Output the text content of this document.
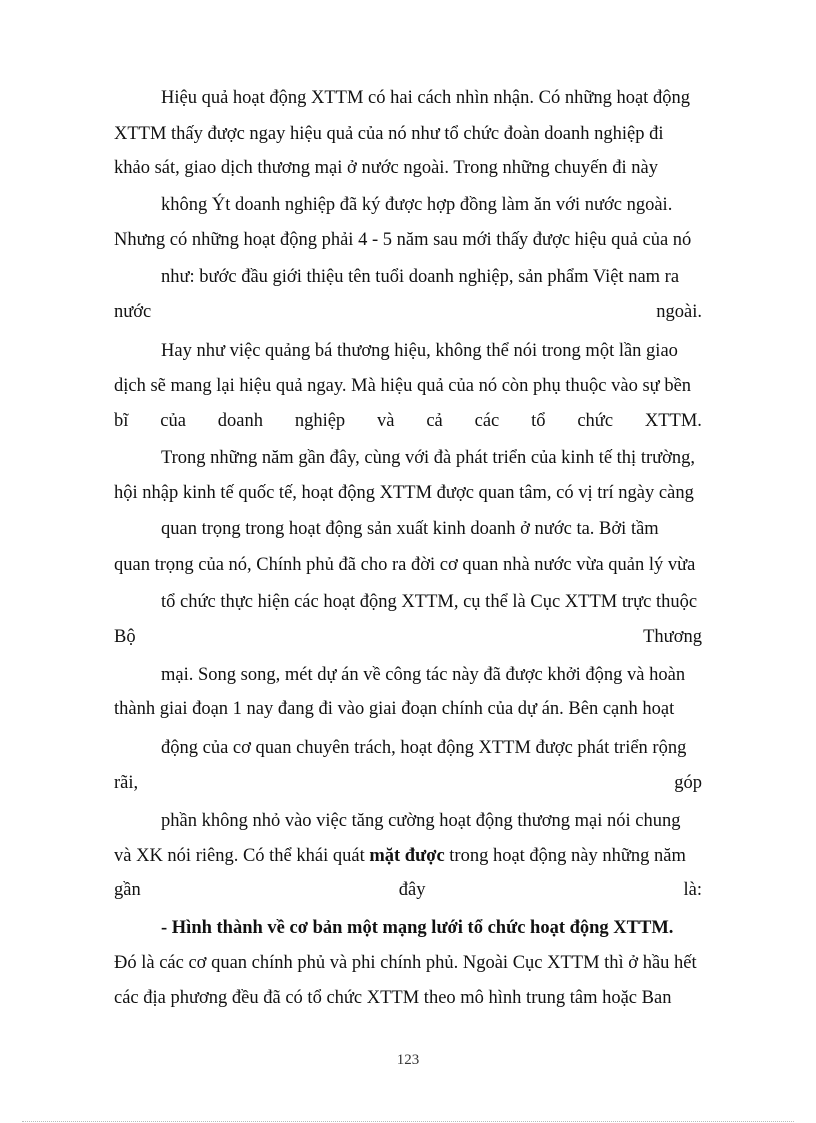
Hiệu quả hoạt động XTTM có hai cách nhìn nhận. Có những hoạt động
XTTM thấy được ngay hiệu quả của nó như tổ chức đoàn doanh nghiệp đi
khảo sát, giao dịch thương mại ở nước ngoài. Trong những chuyến đi này
không Ýt doanh nghiệp đã ký được hợp đồng làm ăn với nước ngoài.
Nhưng có những hoạt động phải 4 - 5 năm sau mới thấy được hiệu quả của nó
như: bước đầu giới thiệu tên tuổi doanh nghiệp, sản phẩm Việt nam ra
nước	ngoài.
Hay như việc quảng bá thương hiệu, không thể nói trong một lần giao
dịch sẽ mang lại hiệu quả ngay. Mà hiệu quả của nó còn phụ thuộc vào sự bền
bĩ của doanh nghiệp và cả các tổ chức XTTM.
Trong những năm gần đây, cùng với đà phát triển của kinh tế thị trường,
hội nhập kinh tế quốc tế, hoạt động XTTM được quan tâm, có vị trí ngày càng
quan trọng trong hoạt động sản xuất kinh doanh ở nước ta. Bởi tầm
quan trọng của nó, Chính phủ đã cho ra đời cơ quan nhà nước vừa quản lý vừa
tổ chức thực hiện các hoạt động XTTM, cụ thể là Cục XTTM trực thuộc
Bộ	Thương
mại. Song song, mét dự án về công tác này đã được khởi động và hoàn
thành giai đoạn 1 nay đang đi vào giai đoạn chính của dự án. Bên cạnh hoạt
động của cơ quan chuyên trách, hoạt động XTTM được phát triển rộng
rãi,	góp
phần không nhỏ vào việc tăng cường hoạt động thương mại nói chung
và XK nói riêng. Có thể khái quát mặt được trong hoạt động này những năm
gần	đây	là:
- Hình thành về cơ bản một mạng lưới tổ chức hoạt động XTTM.
Đó là các cơ quan chính phủ và phi chính phủ. Ngoài Cục XTTM thì ở hầu hết
các địa phương đều đã có tổ chức XTTM theo mô hình trung tâm hoặc Ban
123
